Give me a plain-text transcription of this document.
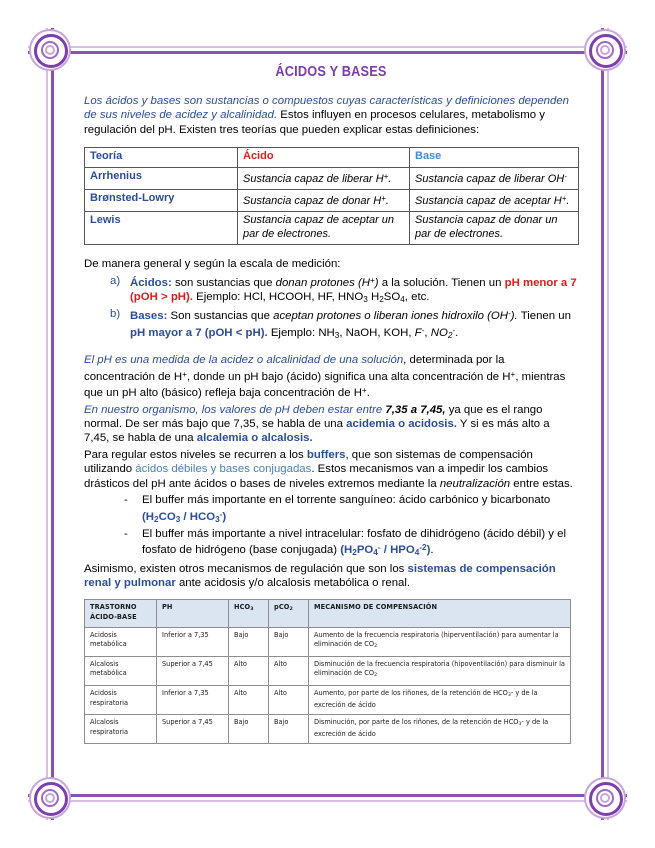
ÁCIDOS Y BASES

Los ácidos y bases son sustancias o compuestos cuyas características y definiciones dependen de sus niveles de acidez y alcalinidad. Estos influyen en procesos celulares, metabolismo y regulación del pH. Existen tres teorías que pueden explicar estas definiciones:

Teoría	Ácido	Base
Arrhenius	Sustancia capaz de liberar H+.	Sustancia capaz de liberar OH-
Brønsted-Lowry	Sustancia capaz de donar H+.	Sustancia capaz de aceptar H+.
Lewis	Sustancia capaz de aceptar un par de electrones.	Sustancia capaz de donar un par de electrones.

De manera general y según la escala de medición:

Ácidos: son sustancias que donan protones (H+) a la solución. Tienen un pH menor a 7 (pOH > pH). Ejemplo: HCl, HCOOH, HF, $HNO_3$ $H_2SO_4$, etc.
Bases: Son sustancias que aceptan protones o liberan iones hidroxilo (OH-). Tienen un pH mayor a 7 (pOH < pH). Ejemplo: $NH_3$, NaOH, KOH, F-, $NO_2^-$.

El pH es una medida de la acidez o alcalinidad de una solución, determinada por la concentración de H+, donde un pH bajo (ácido) significa una alta concentración de H+, mientras que un pH alto (básico) refleja baja concentración de H+.

En nuestro organismo, los valores de pH deben estar entre 7,35 a 7,45, ya que es el rango normal. De ser más bajo que 7,35, se habla de una acidemia o acidosis. Y si es más alto a 7,45, se habla de una alcalemia o alcalosis.

Para regular estos niveles se recurren a los buffers, que son sistemas de compensación utilizando ácidos débiles y bases conjugadas. Estos mecanismos van a impedir los cambios drásticos del pH ante ácidos o bases de niveles extremos mediante la neutralización entre estas.

- El buffer más importante en el torrente sanguíneo: ácido carbónico y bicarbonato $(H_2CO_3 / HCO_3^-)$
- El buffer más importante a nivel intracelular: fosfato de dihidrógeno (ácido débil) y el fosfato de hidrógeno (base conjugada) $(H_2PO_4^- / HPO_4^{-2})$.

Asimismo, existen otros mecanismos de regulación que son los sistemas de compensación renal y pulmonar ante acidosis y/o alcalosis metabólica o renal.

TRASTORNO ÁCIDO-BASE	PH	$HCO_3$	pCO$_2$	MECANISMO DE COMPENSACIÓN
Acidosis metabólica	Inferior a 7,35	Bajo	Bajo	Aumento de la frecuencia respiratoria (hiperventilación) para aumentar la eliminación de $CO_2$
Alcalosis metabólica	Superior a 7,45	Alto	Alto	Disminución de la frecuencia respiratoria (hipoventilación) para disminuir la eliminación de $CO_2$
Acidosis respiratoria	Inferior a 7,35	Alto	Alto	Aumento, por parte de los riñones, de la retención de $HCO_3-$ y de la excreción de ácido
Alcalosis respiratoria	Superior a 7,45	Bajo	Bajo	Disminución, por parte de los riñones, de la retención de $HCO_3-$ y de la excreción de ácido
